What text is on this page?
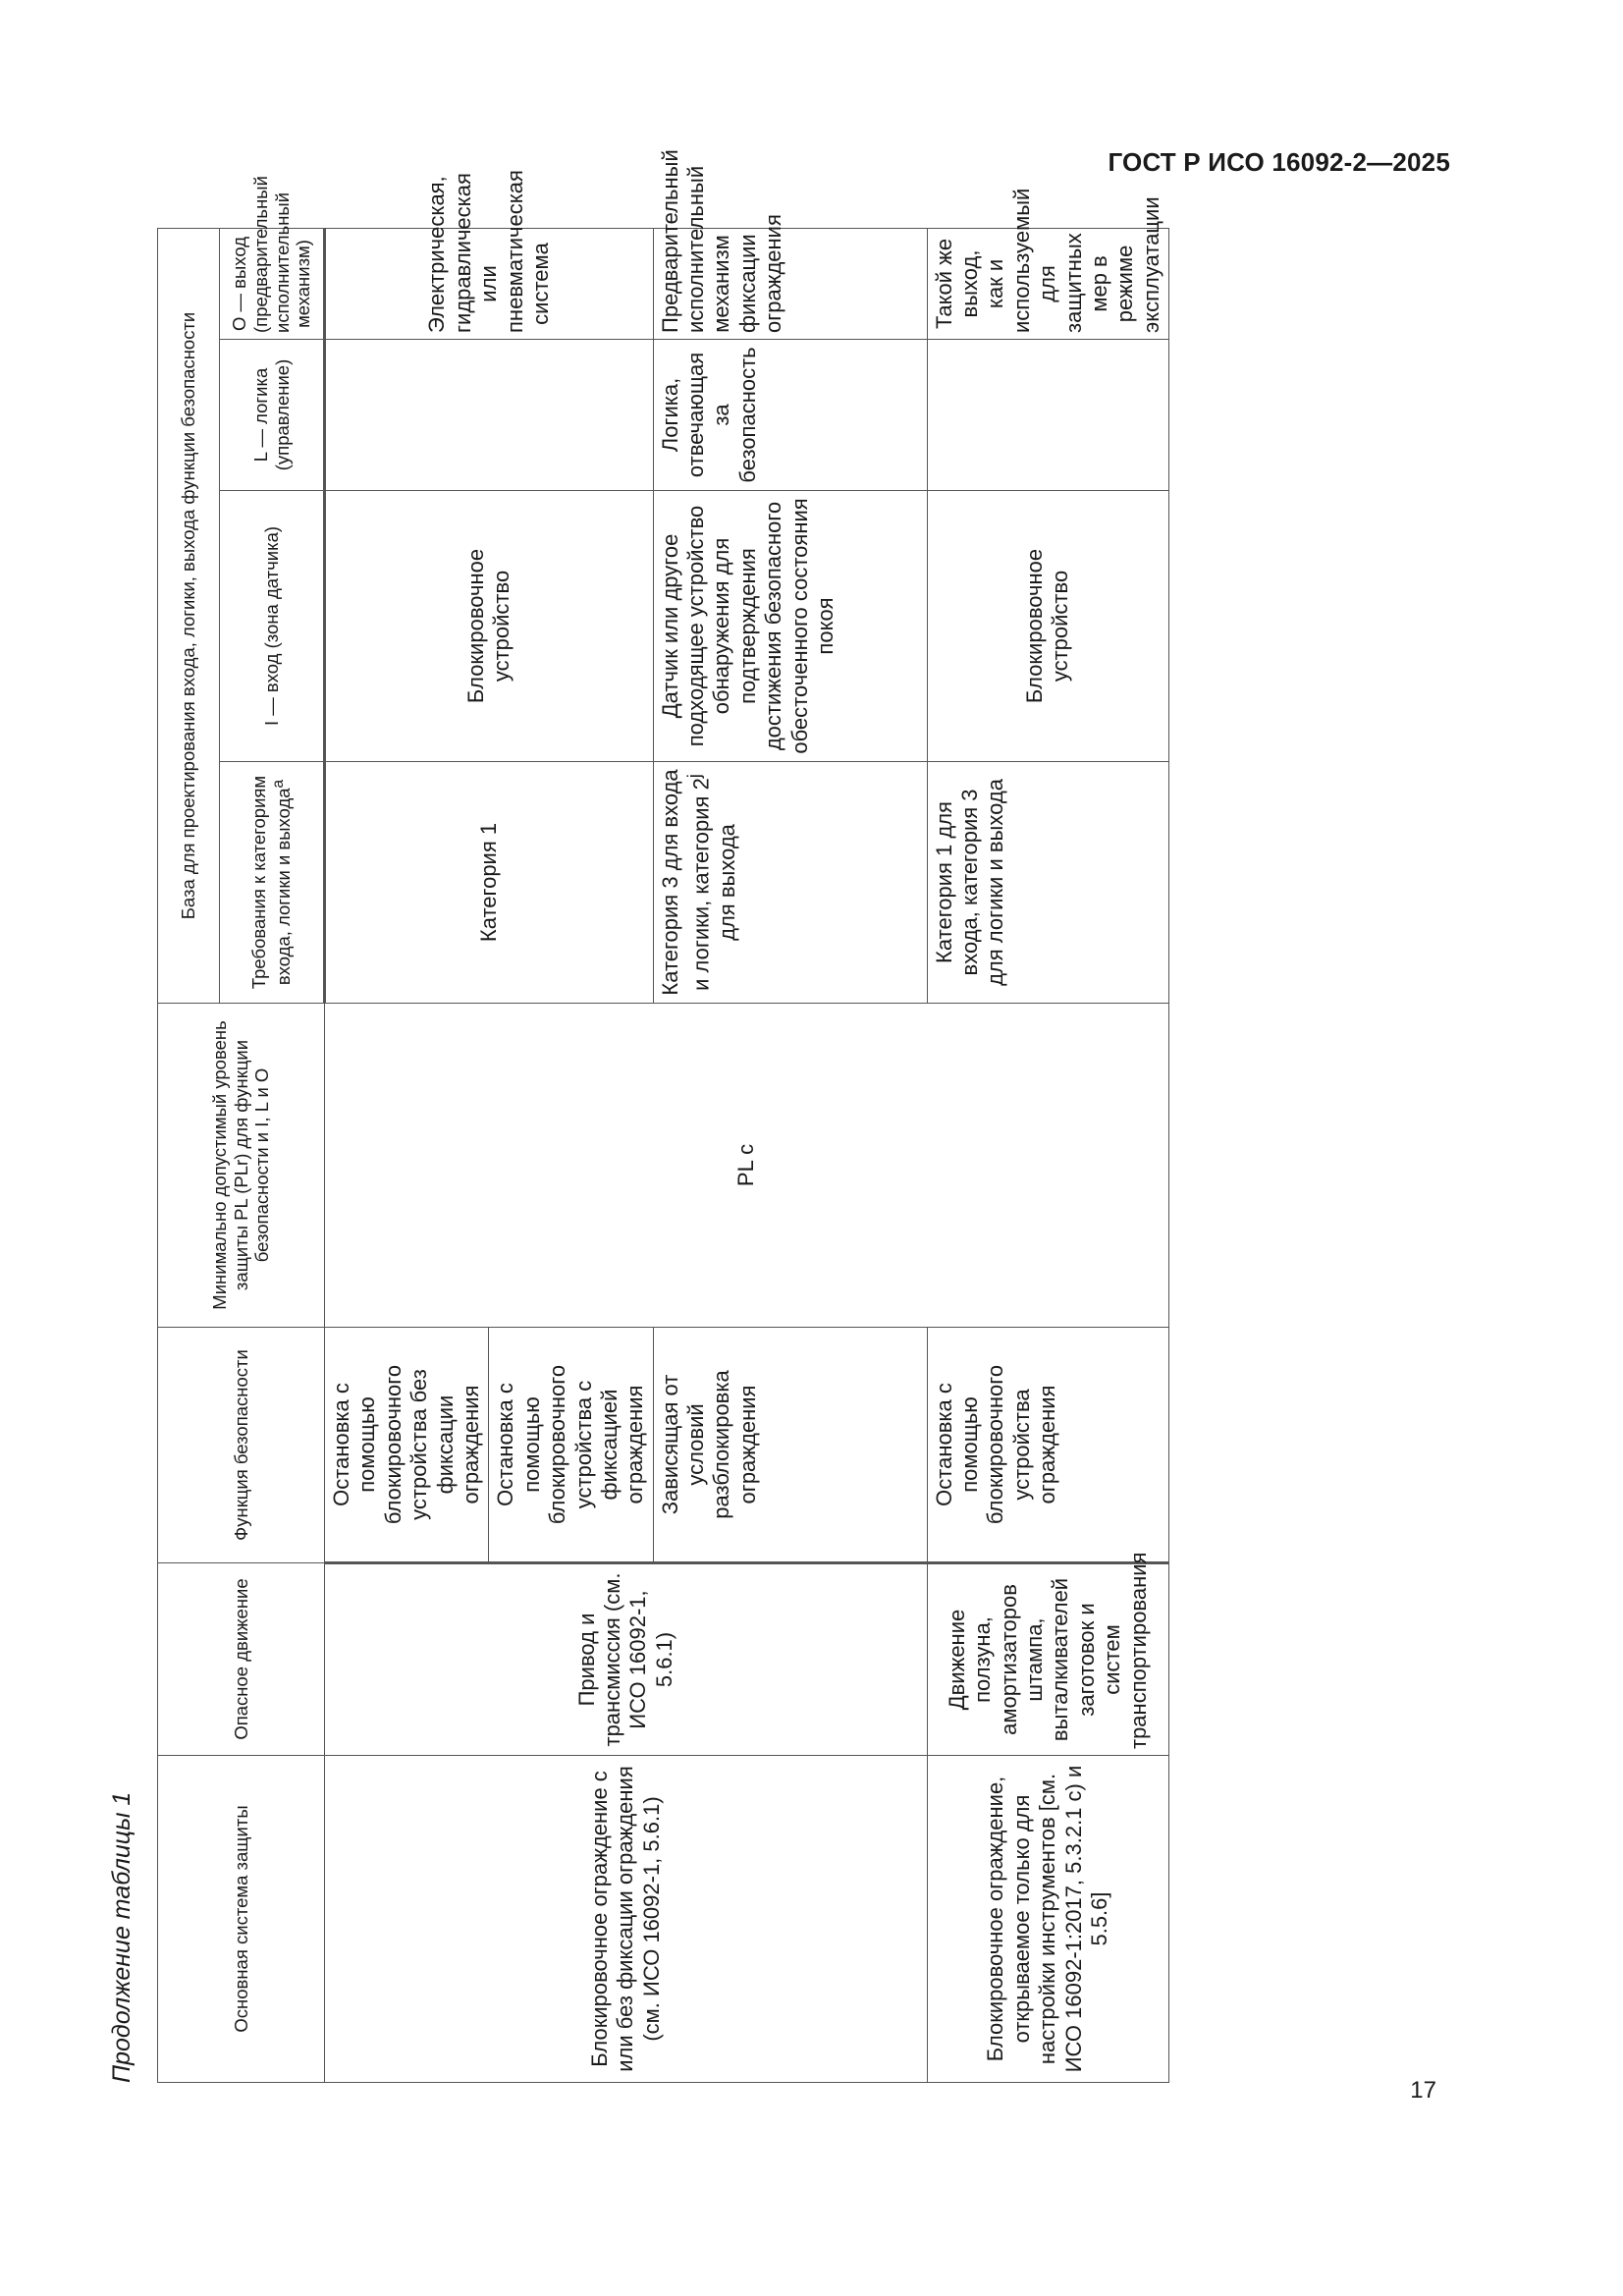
ГОСТ Р ИСО 16092-2—2025
Продолжение таблицы 1	Основная система защиты	Опасное движение	Функция безопасности	Минимально допустимый уровень защиты PL (PLr) для функции безопасности и I, L и O	База для проектирования входа, логики, выхода функции безопасности			
				Требования к категориям входа, логики и выхода$^a$	I — вход (зона датчика)	L — логика (управление)	O — выход (предварительный исполнительный механизм)
Блокировочное ограждение с или без фиксации ограждения (см. ИСО 16092-1, 5.6.1)	Привод и трансмиссия (см. ИСО 16092-1, 5.6.1)	Остановка с помощью блокировочного устройства без фиксации ограждения	PL c	Категория 1	Блокировочное устройство		Электрическая, гидравлическая или пневматическая система
		Остановка с помощью блокировочного устройства с фиксацией ограждения					
		Зависящая от условий разблокировка ограждения		Категория 3 для входа и логики, категория 2$^j$ для выхода	Датчик или другое подходящее устройство обнаружения для подтверждения достижения безопасного обесточенного состояния покоя	Логика, отвечающая за безопасность	Предварительный исполнительный механизм фиксации ограждения
Блокировочное ограждение, открываемое только для настройки инструментов [см. ИСО 16092-1:2017, 5.3.2.1 c) и 5.5.6]	Движение ползуна, амортизаторов штампа, выталкивателей заготовок и систем транспортирования	Остановка с помощью блокировочного устройства ограждения		Категория 1 для входа, категория 3 для логики и выхода	Блокировочное устройство		Такой же выход, как и используемый для защитных мер в режиме эксплуатации
17
